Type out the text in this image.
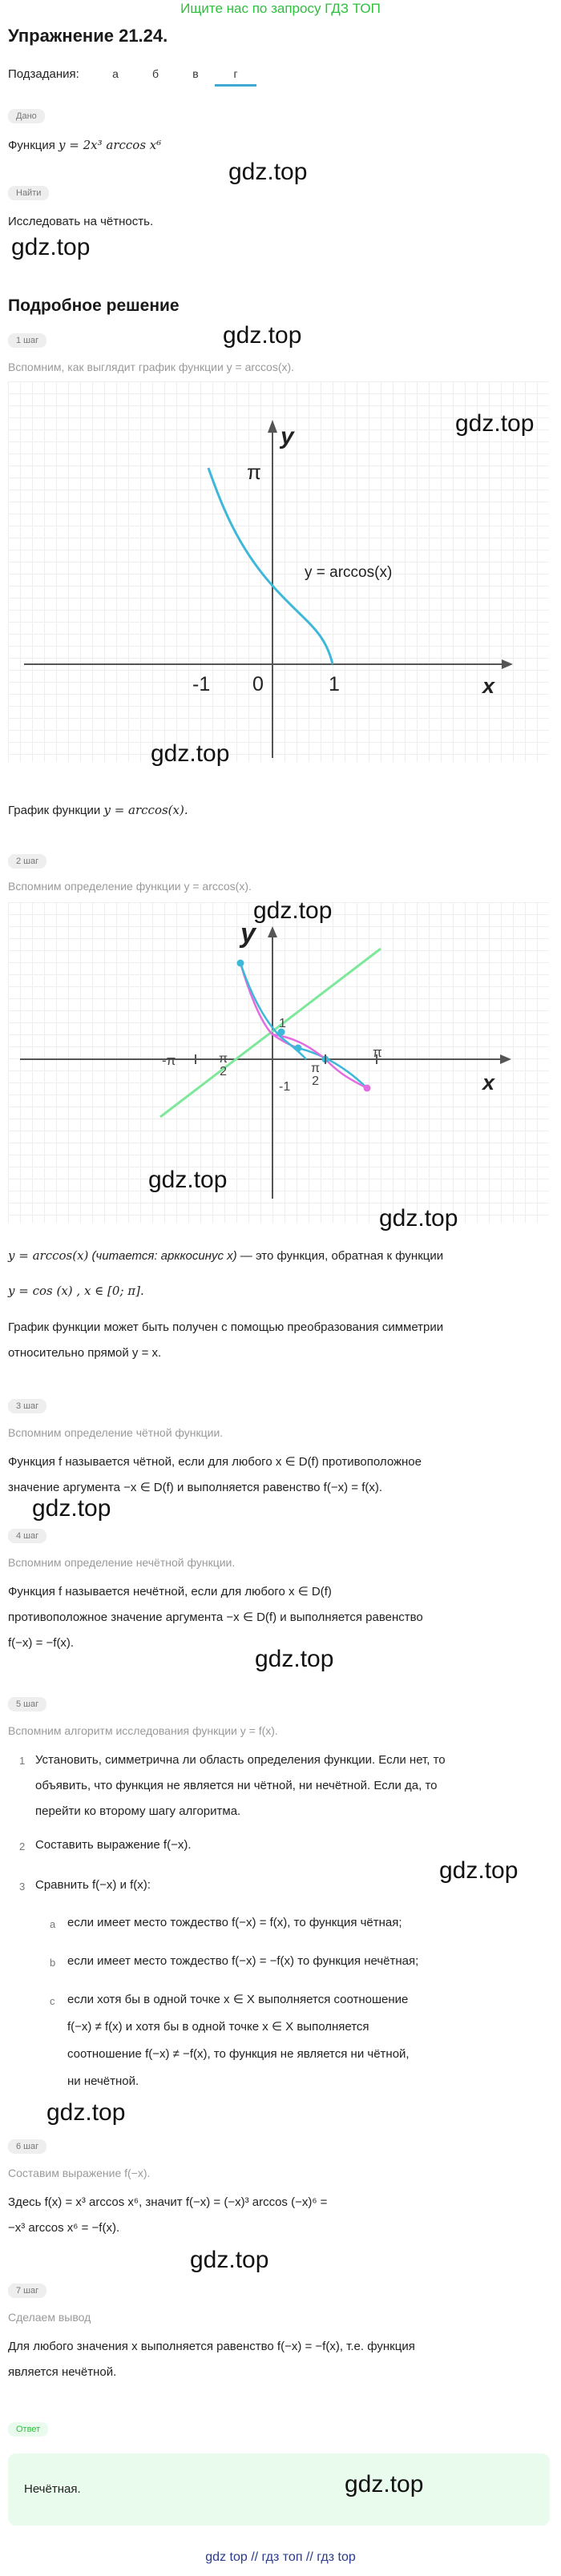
Ищите нас по запросу ГДЗ ТОП
Упражнение 21.24.
Подзадания:	а	б	в	г
Дано
Функция y = 2x³ arccos x⁶
gdz.top
Найти
Исследовать на чётность.
gdz.top
Подробное решение
1 шаг	gdz.top
Вспомним, как выглядит график функции y = arccos(x).
y
π
y = arccos(x)
-1 0	1	x
gdz.top
gdz.top
График функции y = arccos(x).
2 шаг
Вспомним определение функции y = arccos(x).
y
-π	π
2
1
π
2
-1
π
x
gdz.top
gdz.top
gdz.top
y = arccos(x) (читается: арккосинус x) — это функция, обратная к функции
y = cos (x) , x ∈ [0; π].
График функции может быть получен с помощью преобразования симметрии
относительно прямой y = x.
3 шаг
Вспомним определение чётной функции.
Функция f называется чётной, если для любого x ∈ D(f) противоположное
значение аргумента −x ∈ D(f) и выполняется равенство f(−x) = f(x).
gdz.top
4 шаг
Вспомним определение нечётной функции.
Функция f называется нечётной, если для любого x ∈ D(f)
противоположное значение аргумента −x ∈ D(f) и выполняется равенство
f(−x) = −f(x).
gdz.top
5 шаг
Вспомним алгоритм исследования функции y = f(x).
1 Установить, симметрична ли область определения функции. Если нет, то
объявить, что функция не является ни чётной, ни нечётной. Если да, то
перейти ко второму шагу алгоритма.
2 Составить выражение f(−x).
gdz.top
3 Сравнить f(−x) и f(x):
a если имеет место тождество f(−x) = f(x), то функция чётная;
b если имеет место тождество f(−x) = −f(x) то функция нечётная;
c если хотя бы в одной точке x ∈ X выполняется соотношение
f(−x) ≠ f(x) и хотя бы в одной точке x ∈ X выполняется
соотношение f(−x) ≠ −f(x), то функция не является ни чётной,
ни нечётной.
gdz.top
6 шаг
Составим выражение f(−x).
Здесь f(x) = x³ arccos x⁶, значит f(−x) = (−x)³ arccos (−x)⁶ =
−x³ arccos x⁶ = −f(x).
gdz.top
7 шаг
Сделаем вывод
Для любого значения x выполняется равенство f(−x) = −f(x), т.е. функция
является нечётной.
Ответ
Нечётная.	gdz.top
gdz top // гдз топ // гдз top
